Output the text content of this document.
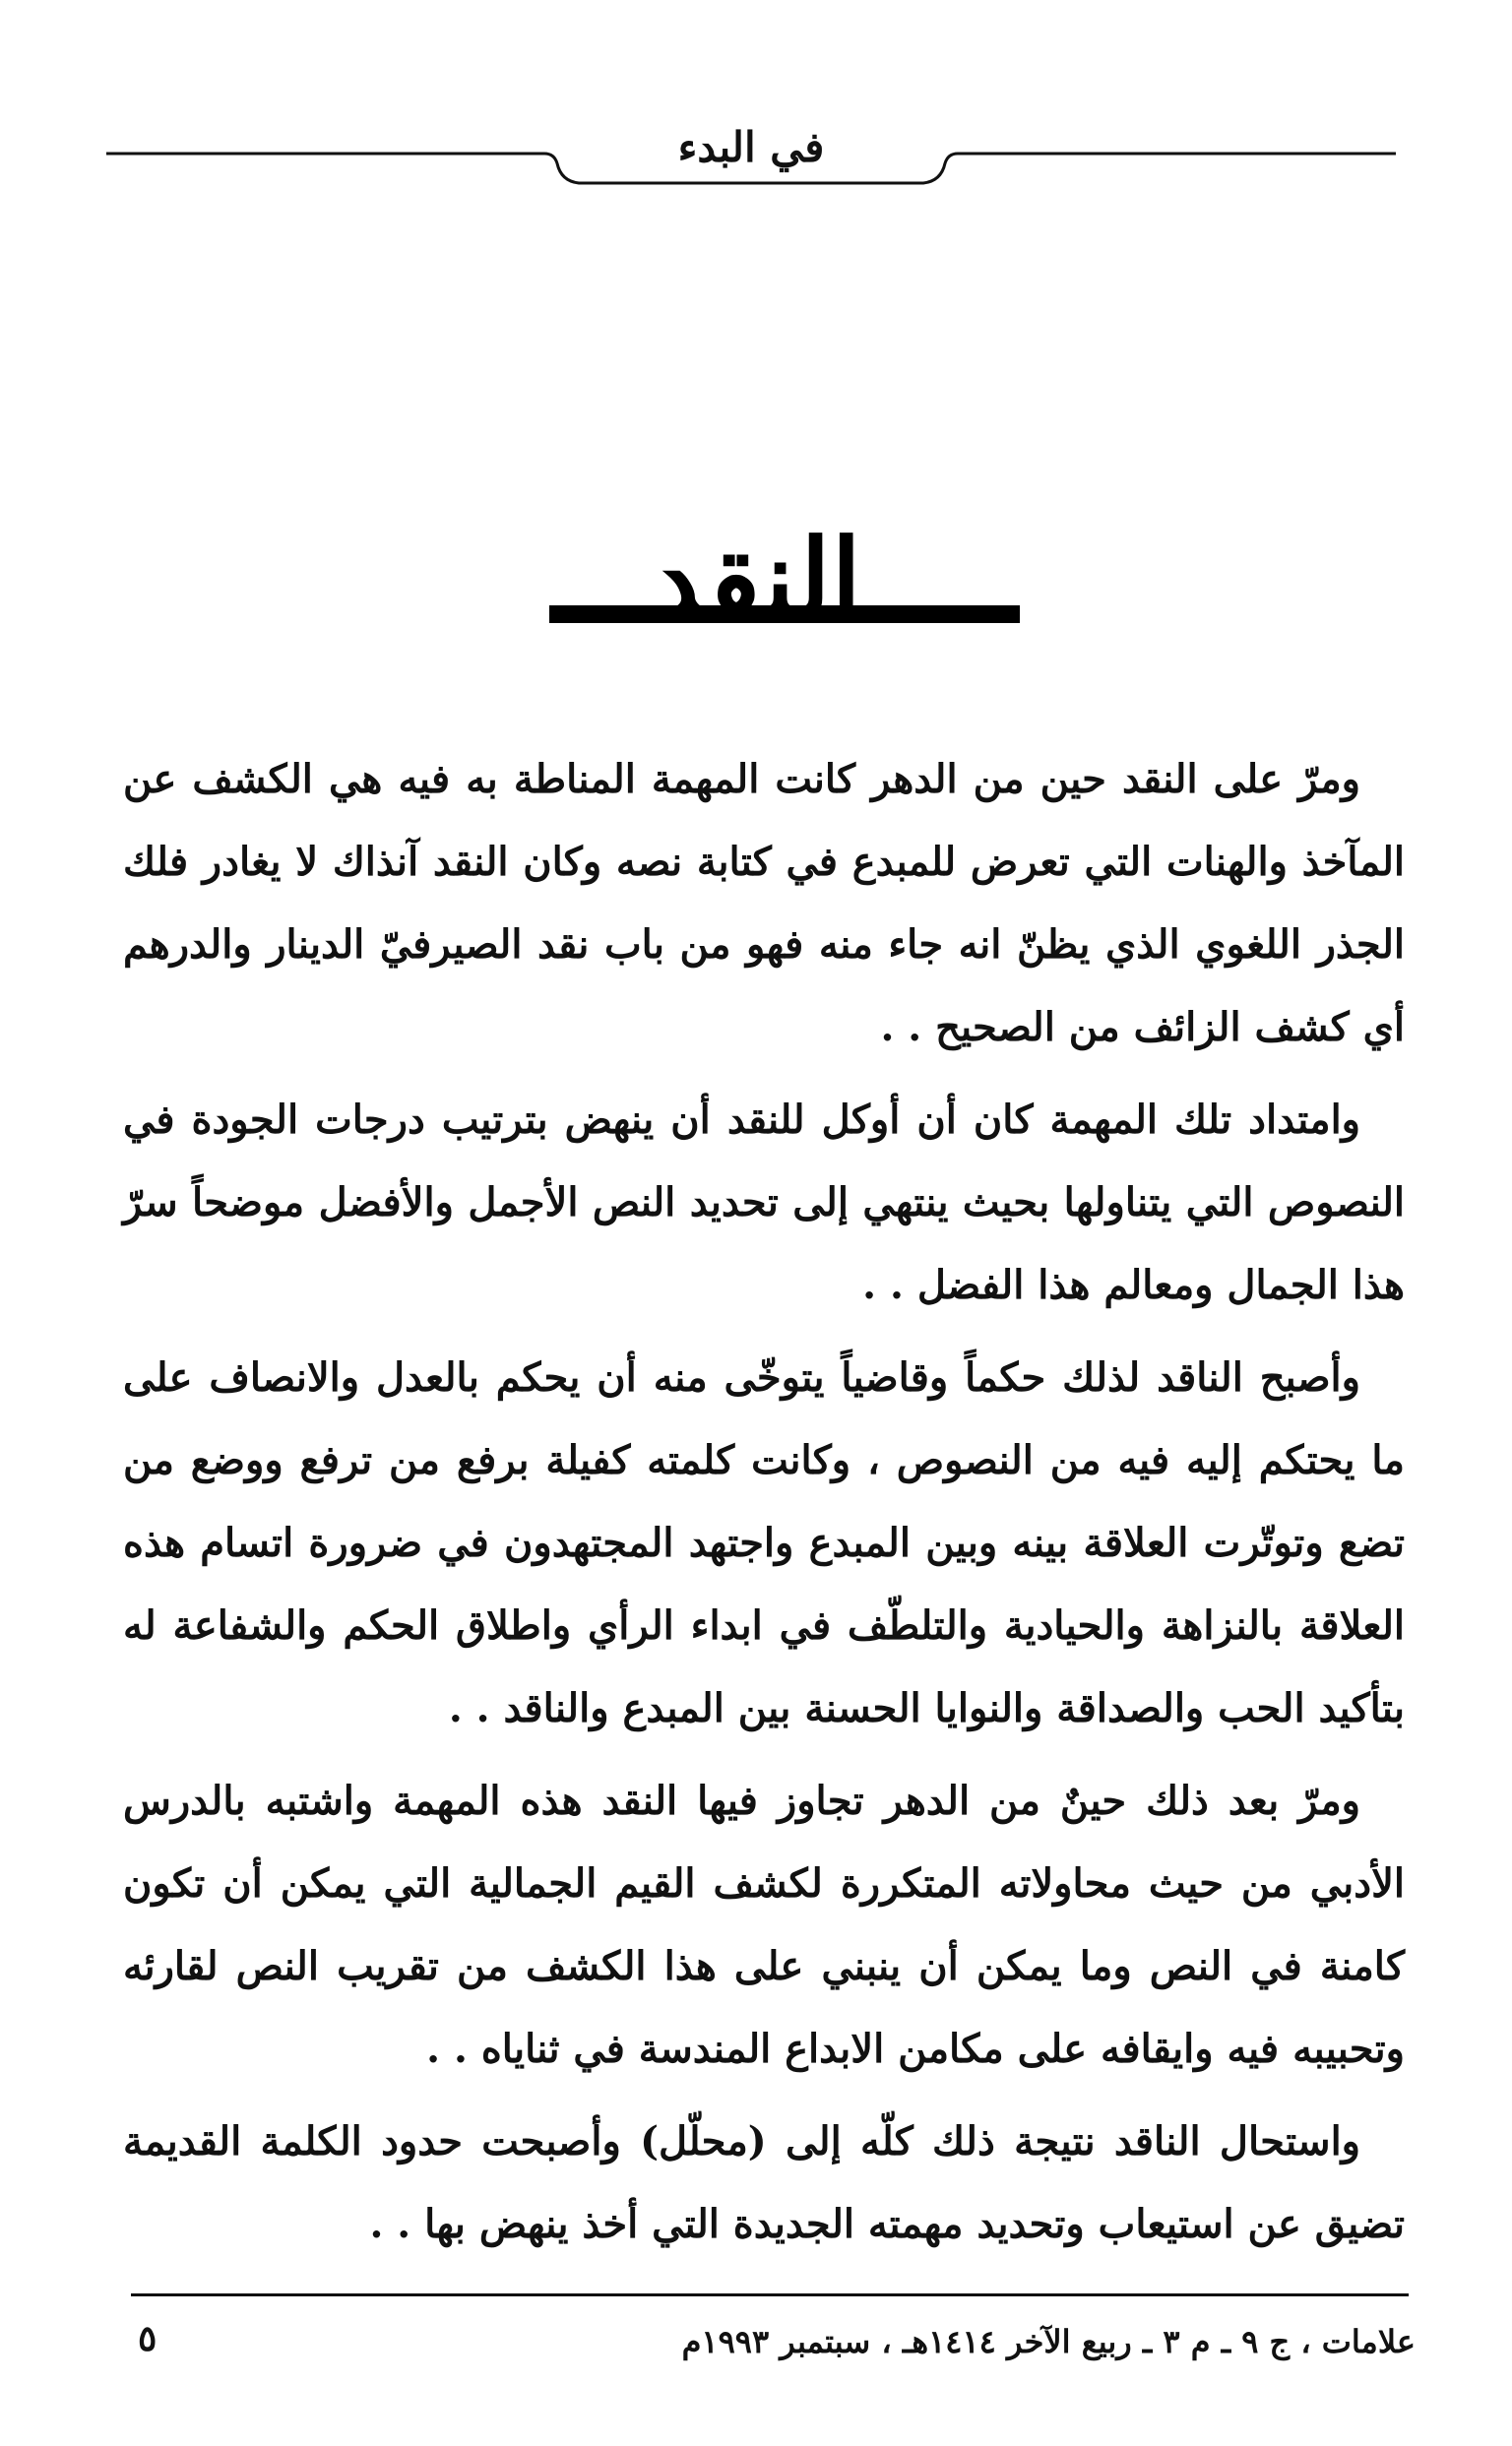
في البدء
النقد

ومرّ على النقد حين من الدهر كانت المهمة المناطة به فيه هي الكشف عن المآخذ والهنات التي تعرض للمبدع في كتابة نصه وكان النقد آنذاك لا يغادر فلك الجذر اللغوي الذي يظنّ انه جاء منه فهو من باب نقد الصيرفيّ الدينار والدرهم أي كشف الزائف من الصحيح . .

وامتداد تلك المهمة كان أن أوكل للنقد أن ينهض بترتيب درجات الجودة في النصوص التي يتناولها بحيث ينتهي إلى تحديد النص الأجمل والأفضل موضحاً سرّ هذا الجمال ومعالم هذا الفضل . .

وأصبح الناقد لذلك حكماً وقاضياً يتوخّى منه أن يحكم بالعدل والانصاف على ما يحتكم إليه فيه من النصوص ، وكانت كلمته كفيلة برفع من ترفع ووضع من تضع وتوتّرت العلاقة بينه وبين المبدع واجتهد المجتهدون في ضرورة اتسام هذه العلاقة بالنزاهة والحيادية والتلطّف في ابداء الرأي واطلاق الحكم والشفاعة له بتأكيد الحب والصداقة والنوايا الحسنة بين المبدع والناقد . .

ومرّ بعد ذلك حينٌ من الدهر تجاوز فيها النقد هذه المهمة واشتبه بالدرس الأدبي من حيث محاولاته المتكررة لكشف القيم الجمالية التي يمكن أن تكون كامنة في النص وما يمكن أن ينبني على هذا الكشف من تقريب النص لقارئه وتحبيبه فيه وايقافه على مكامن الابداع المندسة في ثناياه . .

واستحال الناقد نتيجة ذلك كلّه إلى (محلّل) وأصبحت حدود الكلمة القديمة تضيق عن استيعاب وتحديد مهمته الجديدة التي أخذ ينهض بها . .

علامات ، ج ٩ ـ م ٣ ـ ربيع الآخر ١٤١٤هـ ، سبتمبر ١٩٩٣م
٥
